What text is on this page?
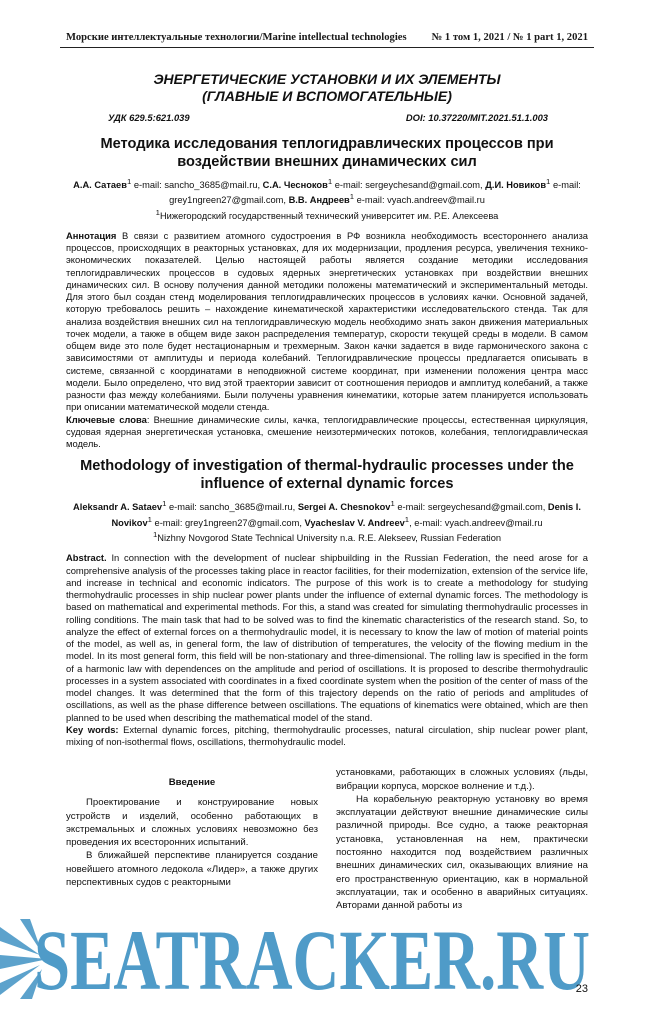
Морские интеллектуальные технологии/Marine intellectual technologies № 1 том 1, 2021 / № 1 part 1, 2021
ЭНЕРГЕТИЧЕСКИЕ УСТАНОВКИ И ИХ ЭЛЕМЕНТЫ
(ГЛАВНЫЕ И ВСПОМОГАТЕЛЬНЫЕ)
УДК 629.5:621.039	DOI: 10.37220/MIT.2021.51.1.003
Методика исследования теплогидравлических процессов при воздействии внешних динамических сил
А.А. Сатаев$^1$ e-mail: sancho_3685@mail.ru, С.А. Чесноков$^1$ e-mail: sergeychesand@gmail.com, Д.И. Новиков$^1$ e-mail: grey1ngreen27@gmail.com, В.В. Андреев$^1$ e-mail: vyach.andreev@mail.ru
$^1$Нижегородский государственный технический университет им. Р.Е. Алексеева
Аннотация В связи с развитием атомного судостроения в РФ возникла необходимость всестороннего анализа процессов, происходящих в реакторных установках, для их модернизации, продления ресурса, увеличения технико-экономических показателей. Целью настоящей работы является создание методики исследования теплогидравлических процессов в судовых ядерных энергетических установках при воздействии внешних динамических сил. В основу получения данной методики положены математический и экспериментальный методы. Для этого был создан стенд моделирования теплогидравлических процессов в условиях качки. Основной задачей, которую требовалось решить – нахождение кинематической характеристики исследовательского стенда. Так для анализа воздействия внешних сил на теплогидравлическую модель необходимо знать закон движения материальных точек модели, а также в общем виде закон распределения температур, скорости текущей среды в модели. В самом общем виде это поле будет нестационарным и трехмерным. Закон качки задается в виде гармонического закона с зависимостями от амплитуды и периода колебаний. Теплогидравлические процессы предлагается описывать в системе, связанной с координатами в неподвижной системе координат, при изменении положения центра масс модели. Было определено, что вид этой траектории зависит от соотношения периодов и амплитуд колебаний, а также разности фаз между колебаниями. Были получены уравнения кинематики, которые затем планируется использовать при описании математической модели стенда.
Ключевые слова: Внешние динамические силы, качка, теплогидравлические процессы, естественная циркуляция, судовая ядерная энергетическая установка, смешение неизотермических потоков, колебания, теплогидравлическая модель.
Methodology of investigation of thermal-hydraulic processes under the influence of external dynamic forces
Aleksandr A. Sataev$^1$ e-mail: sancho_3685@mail.ru, Sergei A. Chesnokov$^1$ e-mail: sergeychesand@gmail.com, Denis I. Novikov$^1$ e-mail: grey1ngreen27@gmail.com, Vyacheslav V. Andreev$^1$, e-mail: vyach.andreev@mail.ru
$^1$Nizhny Novgorod State Technical University n.a. R.E. Alekseev, Russian Federation
Abstract. In connection with the development of nuclear shipbuilding in the Russian Federation, the need arose for a comprehensive analysis of the processes taking place in reactor facilities, for their modernization, extension of the service life, and increase in technical and economic indicators. The purpose of this work is to create a methodology for studying thermohydraulic processes in ship nuclear power plants under the influence of external dynamic forces. The methodology is based on mathematical and experimental methods. For this, a stand was created for simulating thermohydraulic processes in rolling conditions. The main task that had to be solved was to find the kinematic characteristics of the research stand. So, to analyze the effect of external forces on a thermohydraulic model, it is necessary to know the law of motion of material points of the model, as well as, in general form, the law of distribution of temperatures, the velocity of the flowing medium in the model. In its most general form, this field will be non-stationary and three-dimensional. The rolling law is specified in the form of a harmonic law with dependences on the amplitude and period of oscillations. It is proposed to describe thermohydraulic processes in a system associated with coordinates in a fixed coordinate system when the position of the center of mass of the model changes. It was determined that the form of this trajectory depends on the ratio of periods and amplitudes of oscillations, as well as the phase difference between oscillations. The equations of kinematics were obtained, which are then planned to be used when describing the mathematical model of the stand.
Key words: External dynamic forces, pitching, thermohydraulic processes, natural circulation, ship nuclear power plant, mixing of non-isothermal flows, oscillations, thermohydraulic model.
Введение

Проектирование и конструирование новых устройств и изделий, особенно работающих в экстремальных и сложных условиях невозможно без проведения их всесторонних испытаний.

В ближайшей перспективе планируется создание новейшего атомного ледокола «Лидер», а также других перспективных судов с реакторными

установками, работающих в сложных условиях (льды, вибрации корпуса, морское волнение и т.д.).

На корабельную реакторную установку во время эксплуатации действуют внешние динамические силы различной природы. Все судно, а также реакторная установка, установленная на нем, практически постоянно находится под воздействием различных внешних динамических сил, оказывающих влияние на его пространственную ориентацию, как в нормальной эксплуатации, так и особенно в аварийных ситуациях. Авторами данной работы из

SEATRACKER.RU
23
